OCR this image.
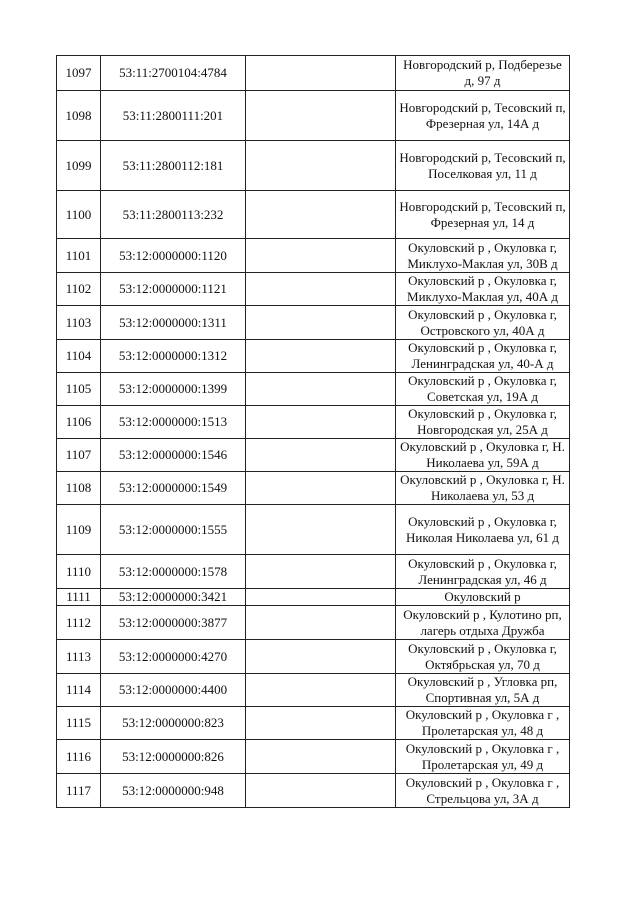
1097	53:11:2700104:4784		Новгородский р, Подберезье д, 97 д
1098	53:11:2800111:201		Новгородский р, Тесовский п, Фрезерная ул, 14А д
1099	53:11:2800112:181		Новгородский р, Тесовский п, Поселковая ул, 11 д
1100	53:11:2800113:232		Новгородский р, Тесовский п, Фрезерная ул, 14 д
1101	53:12:0000000:1120		Окуловский р , Окуловка г, Миклухо-Маклая ул, 30В д
1102	53:12:0000000:1121		Окуловский р , Окуловка г, Миклухо-Маклая ул, 40А д
1103	53:12:0000000:1311		Окуловский р , Окуловка г, Островского ул, 40А д
1104	53:12:0000000:1312		Окуловский р , Окуловка г, Ленинградская ул, 40-А д
1105	53:12:0000000:1399		Окуловский р , Окуловка г, Советская ул, 19А д
1106	53:12:0000000:1513		Окуловский р , Окуловка г, Новгородская ул, 25А д
1107	53:12:0000000:1546		Окуловский р , Окуловка г, Н. Николаева ул, 59А д
1108	53:12:0000000:1549		Окуловский р , Окуловка г, Н. Николаева ул, 53 д
1109	53:12:0000000:1555		Окуловский р , Окуловка г, Николая Николаева ул, 61 д
1110	53:12:0000000:1578		Окуловский р , Окуловка г, Ленинградская ул, 46 д
1111	53:12:0000000:3421		Окуловский р
1112	53:12:0000000:3877		Окуловский р , Кулотино рп, лагерь отдыха Дружба
1113	53:12:0000000:4270		Окуловский р , Окуловка г, Октябрьская ул, 70 д
1114	53:12:0000000:4400		Окуловский р , Угловка рп, Спортивная ул, 5А д
1115	53:12:0000000:823		Окуловский р , Окуловка г , Пролетарская ул, 48 д
1116	53:12:0000000:826		Окуловский р , Окуловка г , Пролетарская ул, 49 д
1117	53:12:0000000:948		Окуловский р , Окуловка г , Стрельцова ул, 3А д
